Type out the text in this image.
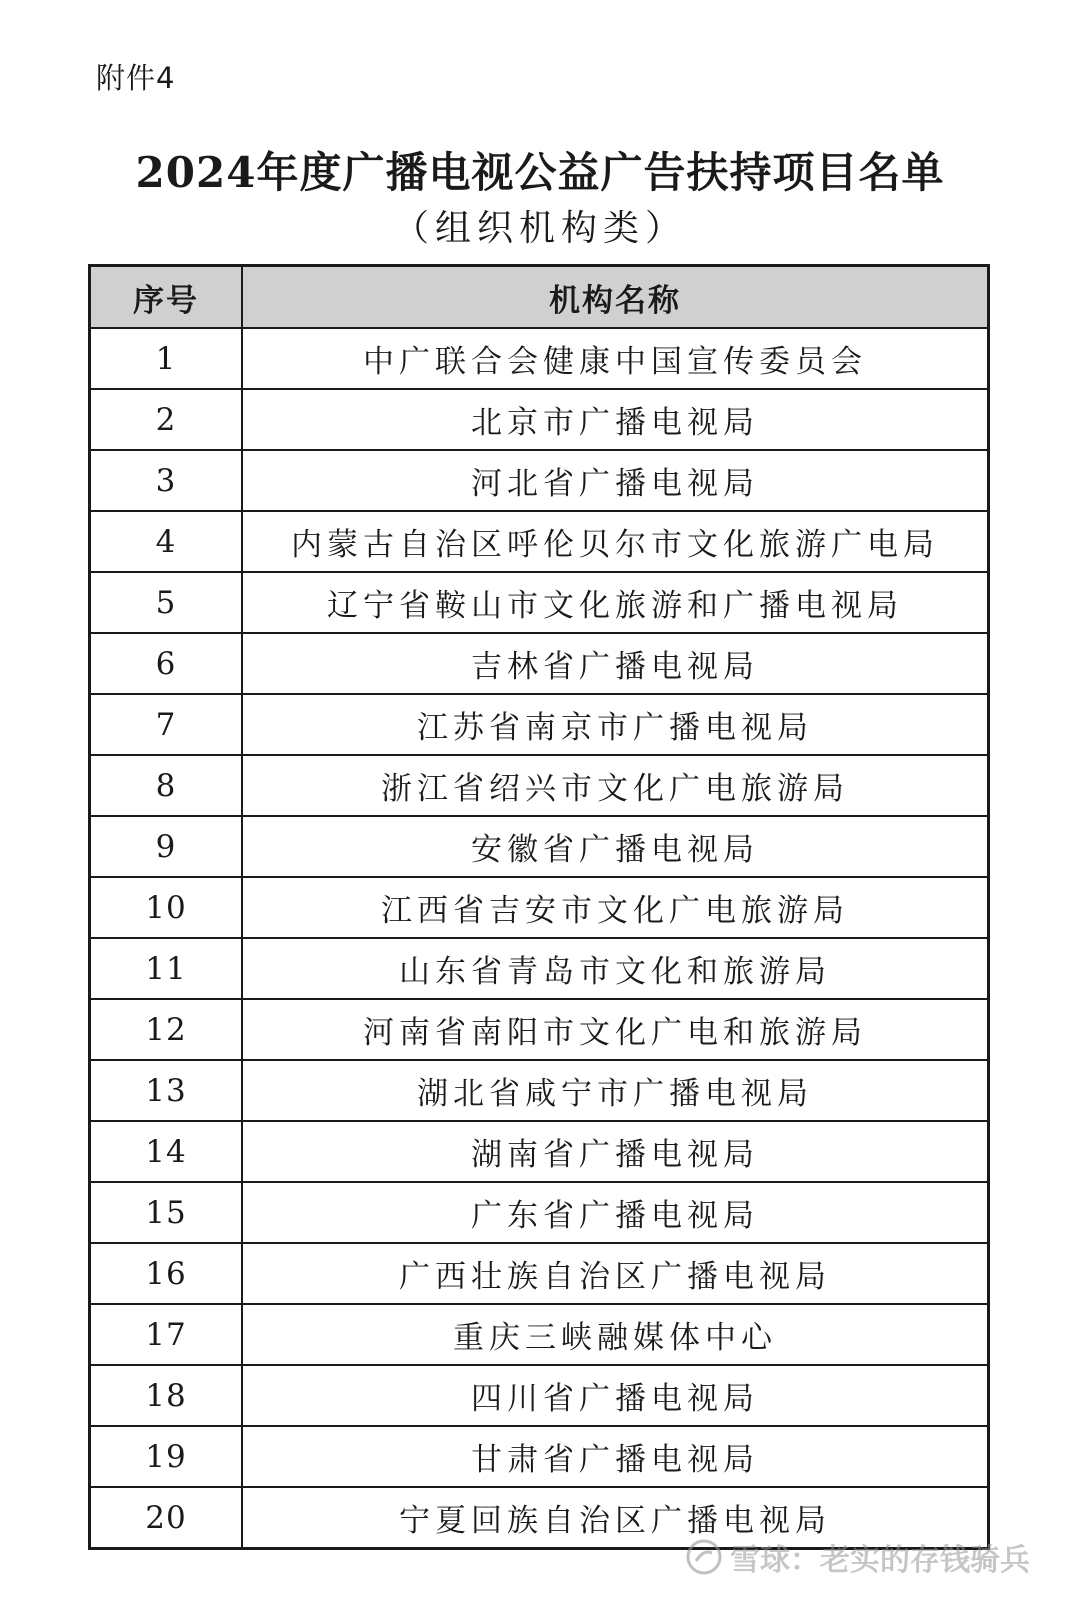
附件4
2024年度广播电视公益广告扶持项目名单
（组织机构类）
序号	机构名称
1	中广联合会健康中国宣传委员会
2	北京市广播电视局
3	河北省广播电视局
4	内蒙古自治区呼伦贝尔市文化旅游广电局
5	辽宁省鞍山市文化旅游和广播电视局
6	吉林省广播电视局
7	江苏省南京市广播电视局
8	浙江省绍兴市文化广电旅游局
9	安徽省广播电视局
10	江西省吉安市文化广电旅游局
11	山东省青岛市文化和旅游局
12	河南省南阳市文化广电和旅游局
13	湖北省咸宁市广播电视局
14	湖南省广播电视局
15	广东省广播电视局
16	广西壮族自治区广播电视局
17	重庆三峡融媒体中心
18	四川省广播电视局
19	甘肃省广播电视局
20	宁夏回族自治区广播电视局
雪球：老实的存钱骑兵
